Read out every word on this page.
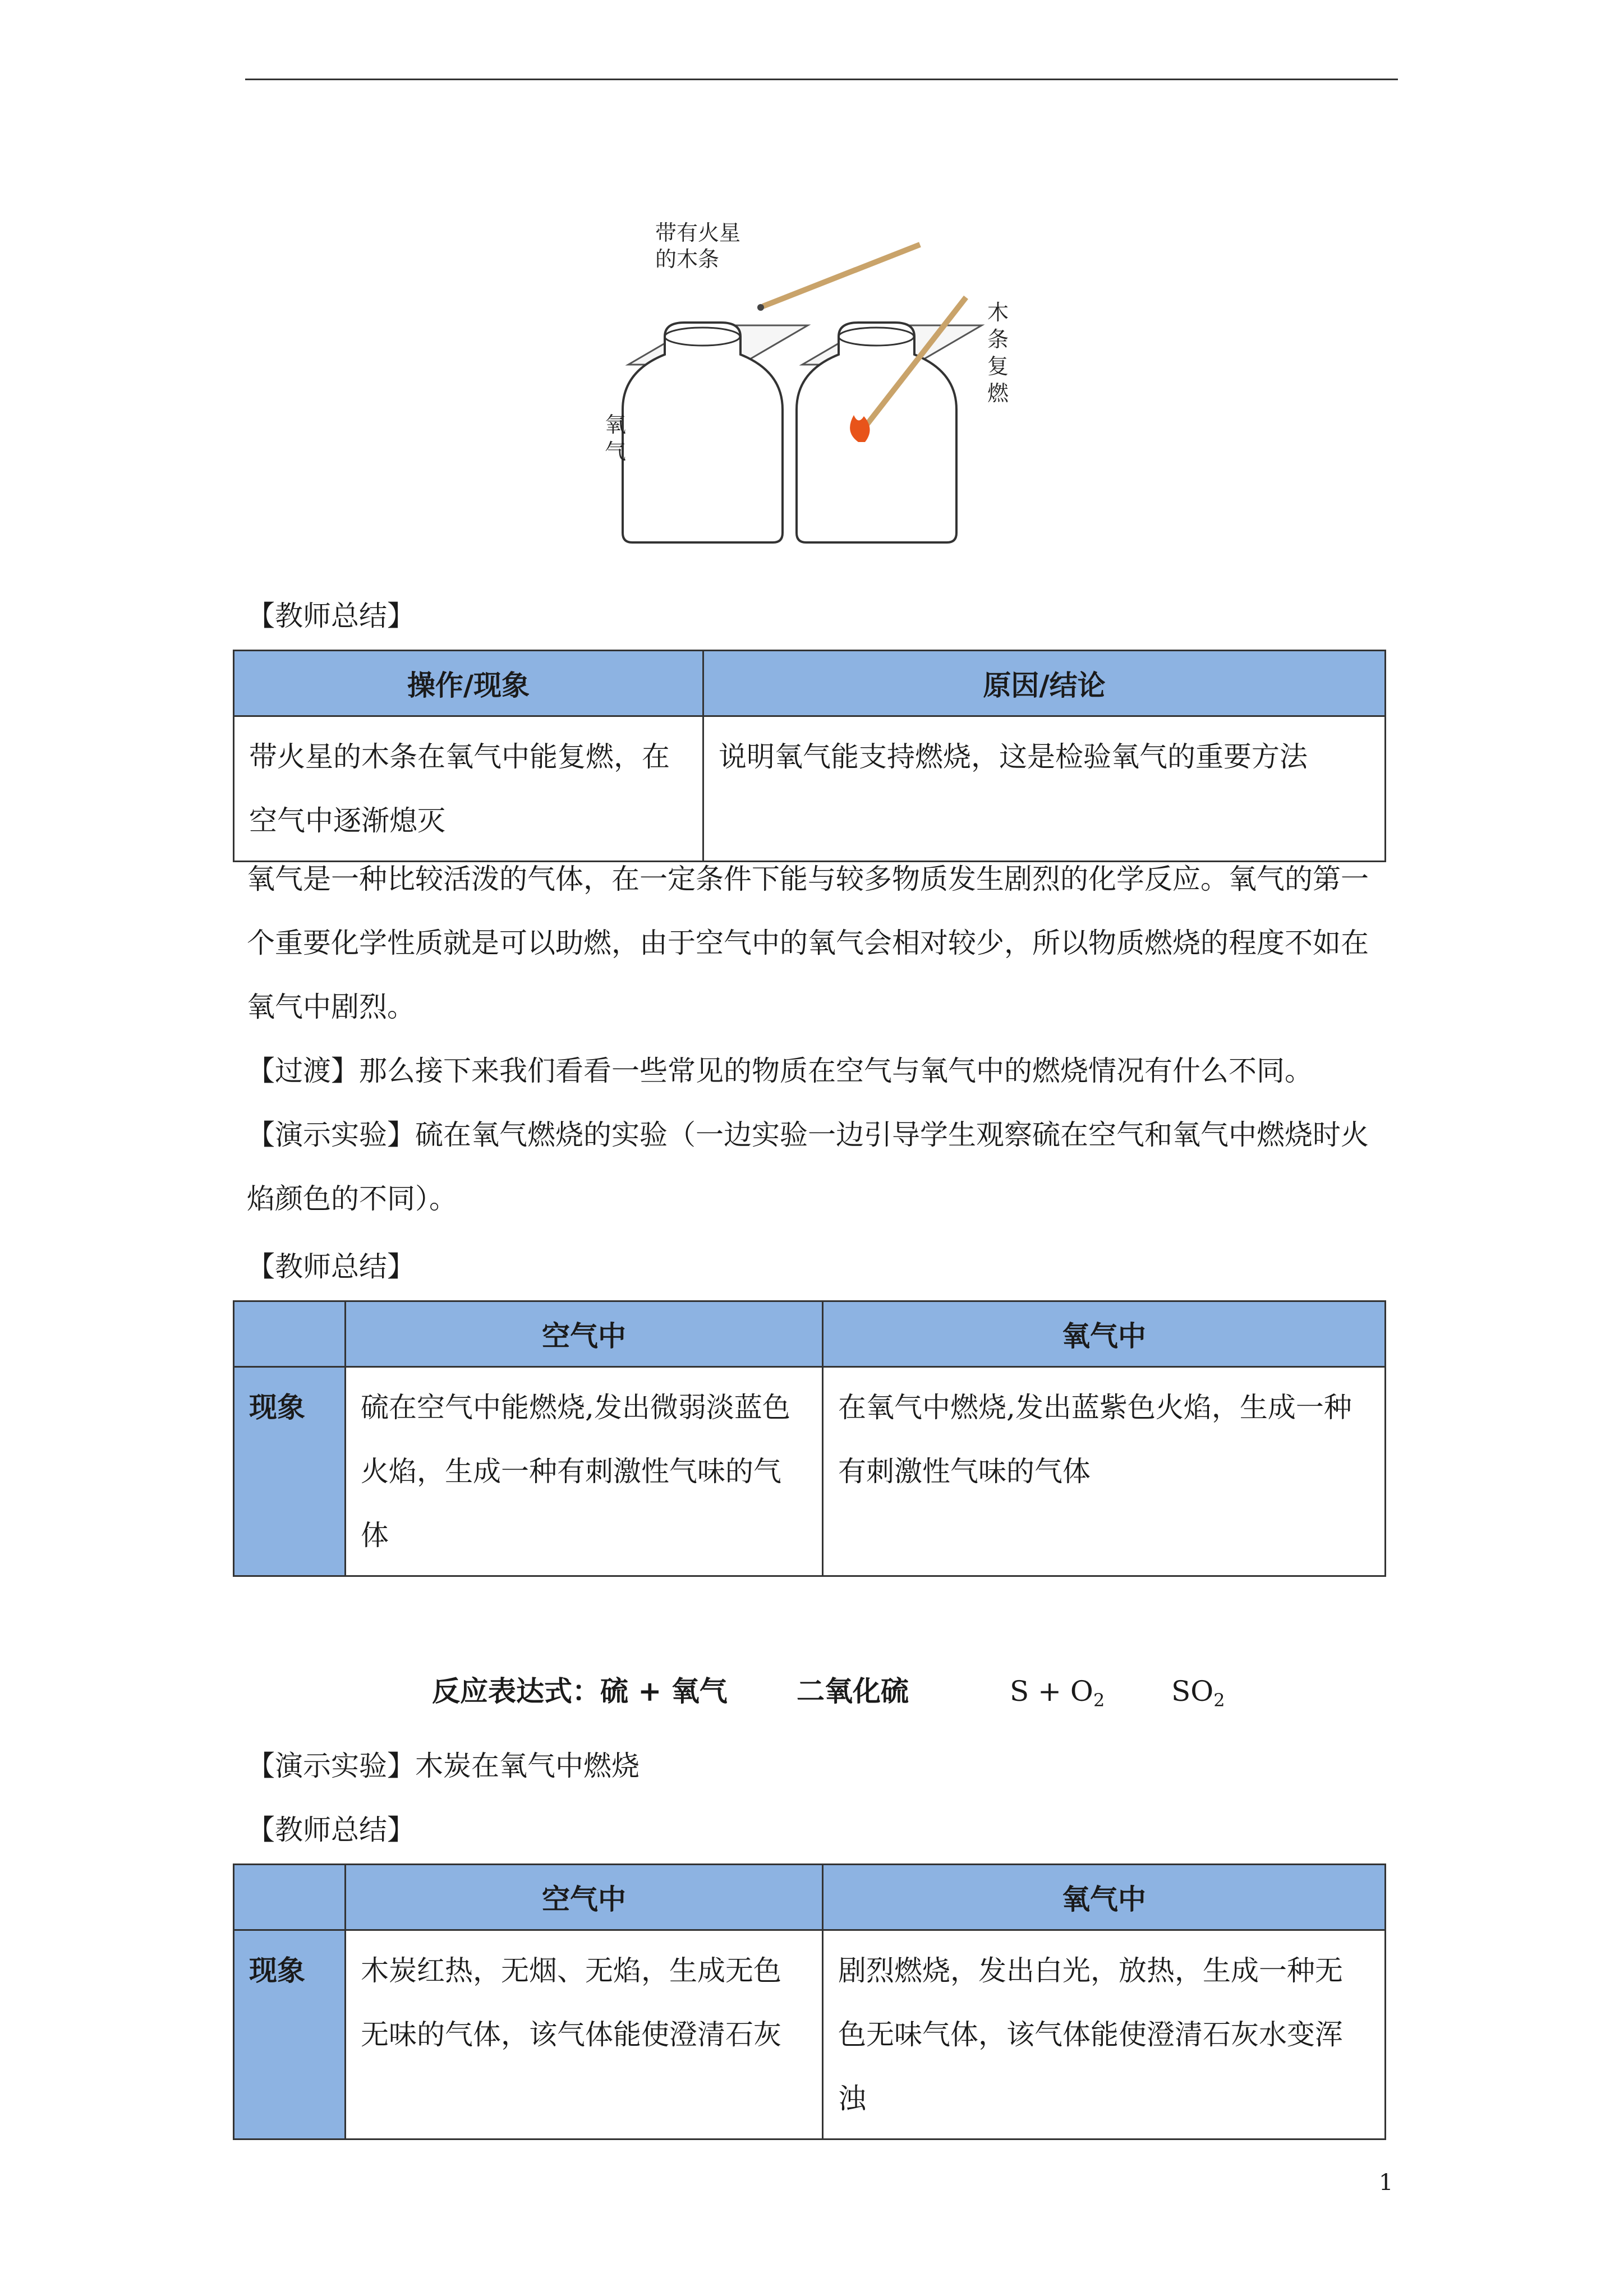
带有火星
的木条
氧
气
木
条
复
燃
【教师总结】
操作/现象	原因/结论
带火星的木条在氧气中能复燃，在空气中逐渐熄灭	说明氧气能支持燃烧，这是检验氧气的重要方法

氧气是一种比较活泼的气体，在一定条件下能与较多物质发生剧烈的化学反应。氧气的第一个重要化学性质就是可以助燃，由于空气中的氧气会相对较少，所以物质燃烧的程度不如在氧气中剧烈。

【过渡】那么接下来我们看看一些常见的物质在空气与氧气中的燃烧情况有什么不同。

【演示实验】硫在氧气燃烧的实验（一边实验一边引导学生观察硫在空气和氧气中燃烧时火焰颜色的不同）。

【教师总结】
	空气中	氧气中
现象	硫在空气中能燃烧,发出微弱淡蓝色火焰，生成一种有刺激性气味的气体	在氧气中燃烧,发出蓝紫色火焰，生成一种有刺激性气味的气体
反应表达式：硫 + 氧气 二氧化硫	$S + O_2$ $SO_2$
【演示实验】木炭在氧气中燃烧
【教师总结】
	空气中	氧气中
现象	木炭红热，无烟、无焰，生成无色无味的气体，该气体能使澄清石灰	剧烈燃烧，发出白光，放热，生成一种无色无味气体，该气体能使澄清石灰水变浑浊
1
